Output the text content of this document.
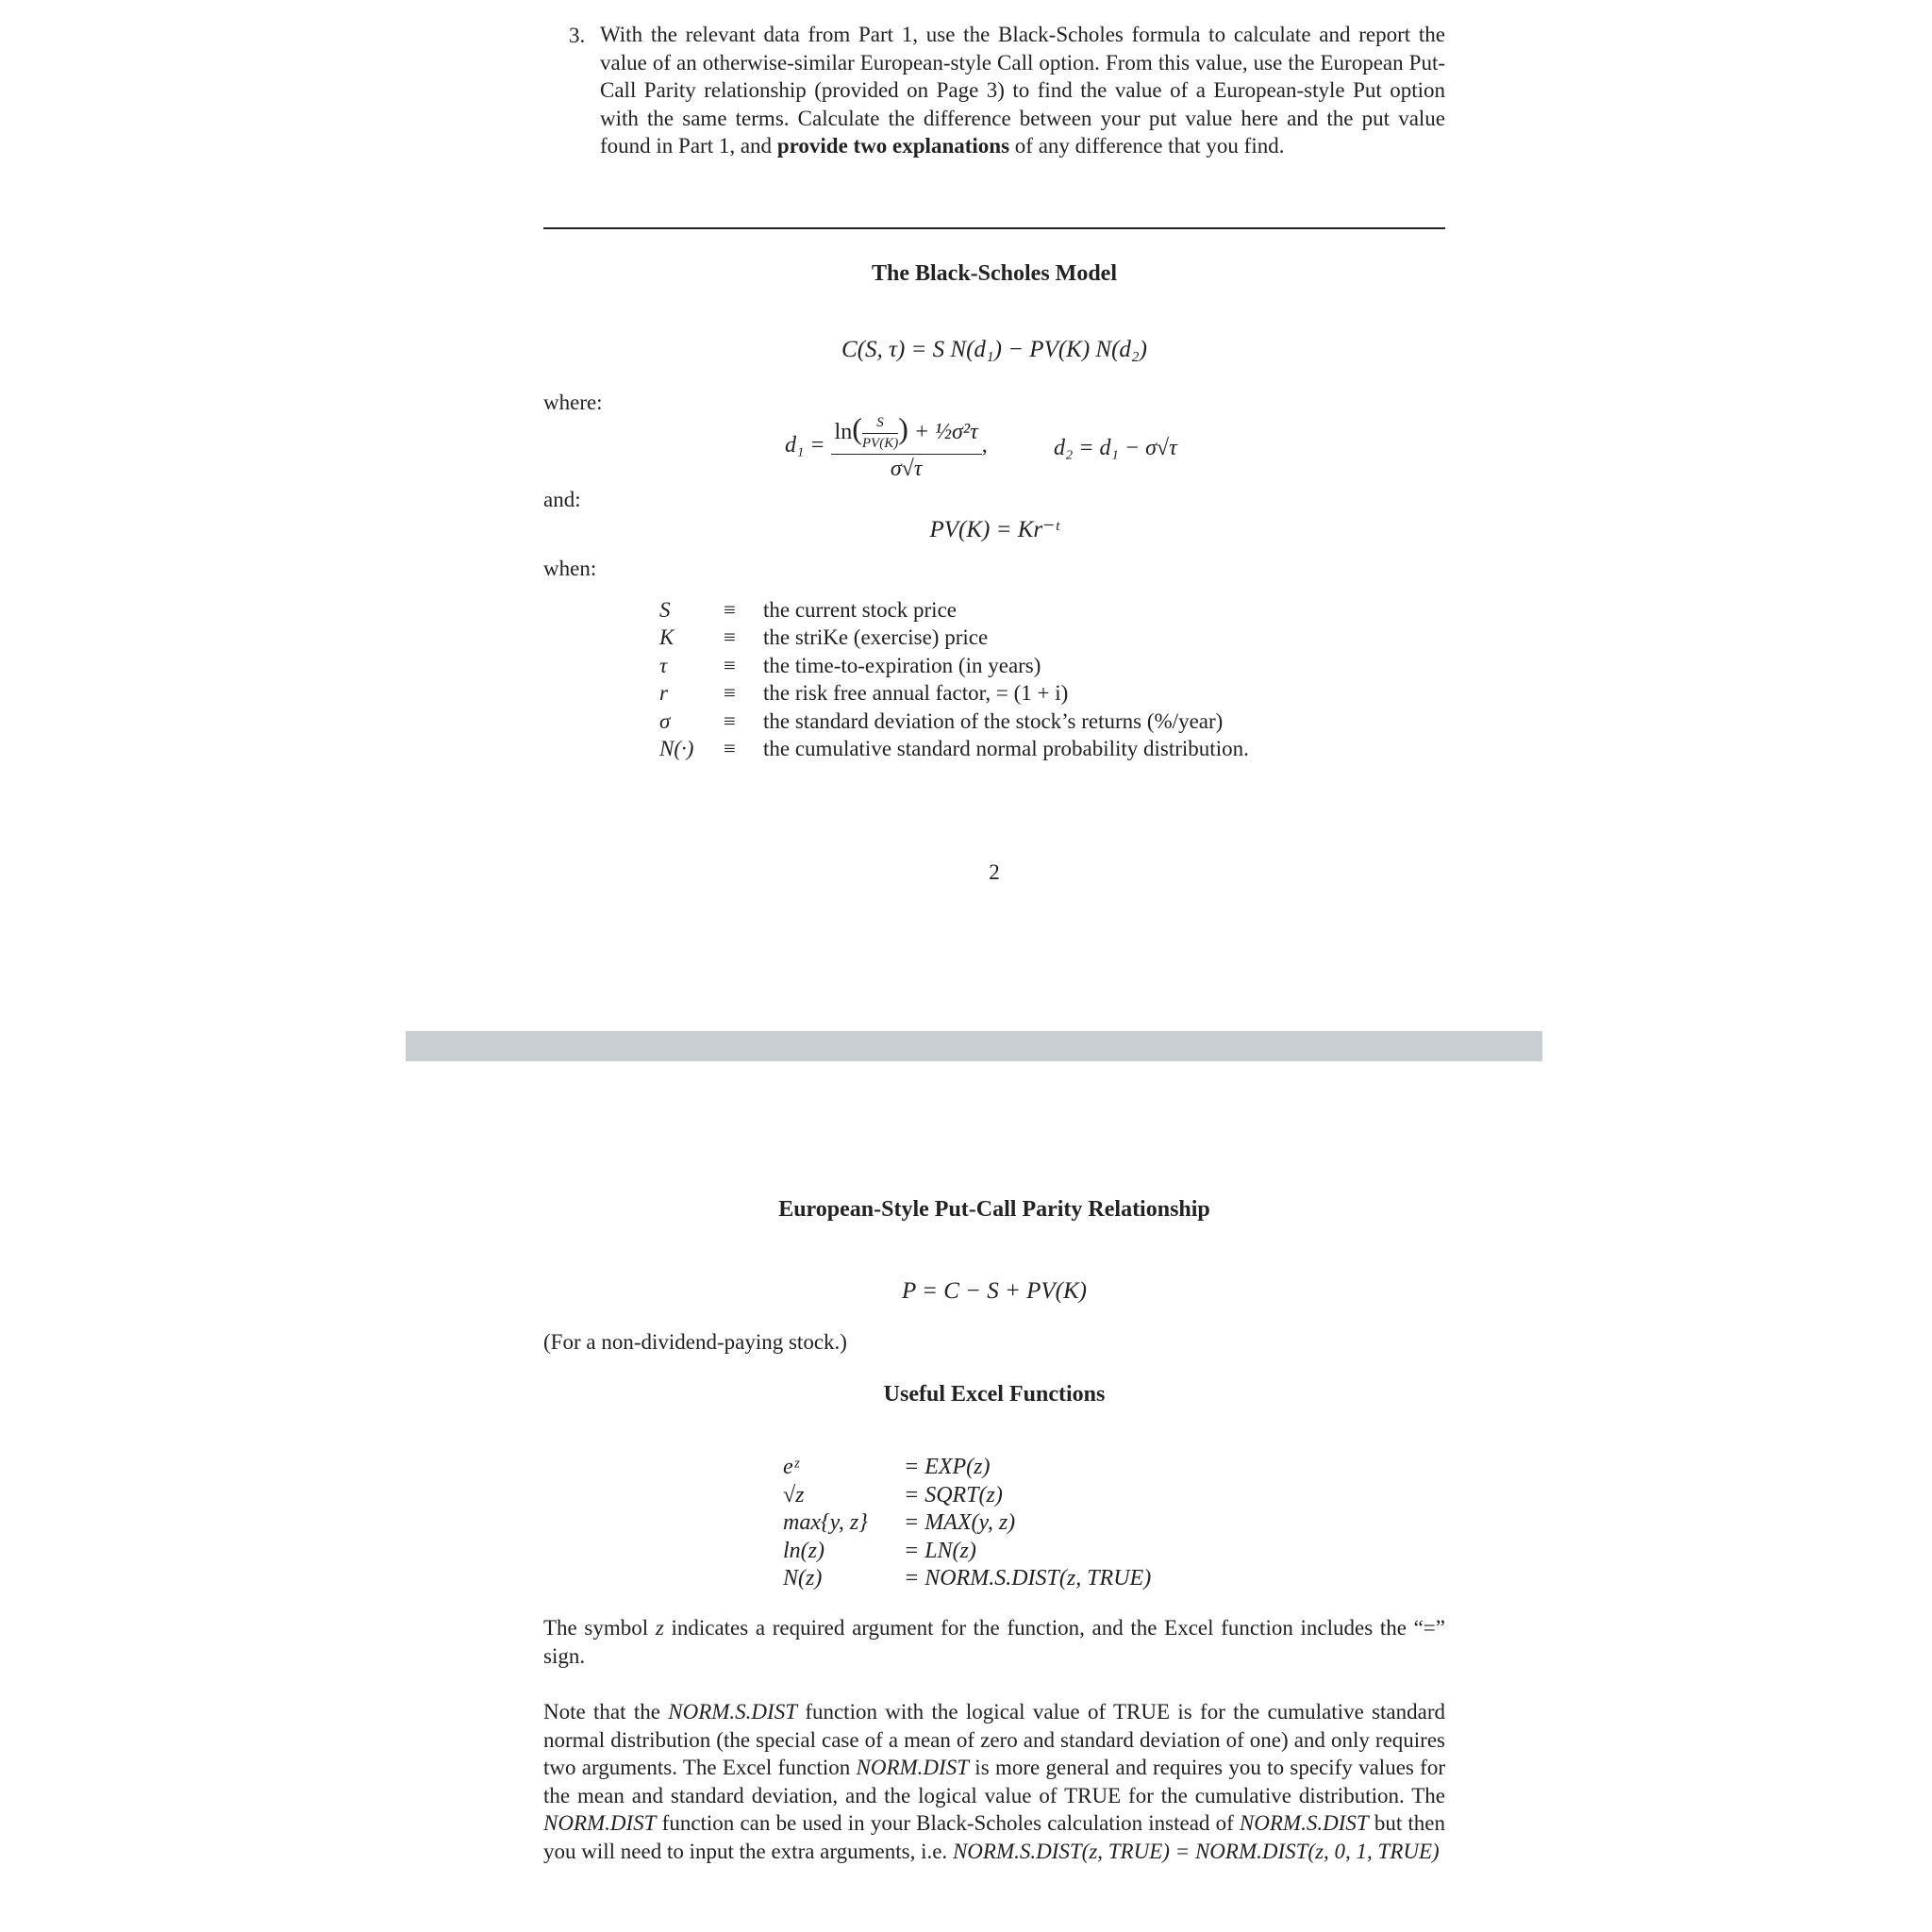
3. With the relevant data from Part 1, use the Black-Scholes formula to calculate and report the value of an otherwise-similar European-style Call option. From this value, use the European Put-Call Parity relationship (provided on Page 3) to find the value of a European-style Put option with the same terms. Calculate the difference between your put value here and the put value found in Part 1, and provide two explanations of any difference that you find.
The Black-Scholes Model
C(S, τ) = S N(d₁) − PV(K) N(d₂)
where:
$d_1 = \frac{\ln( \frac{S}{PV(K)} ) + \frac{1}{2}\sigma^2\tau}{\sigma√\tau}$ ,	d₂ = d₁ − σ√τ
and:
PV(K) = Kr⁻ᵗ
when:
S	≡	the current stock price
K	≡	the striKe (exercise) price
τ	≡	the time-to-expiration (in years)
r	≡	the risk free annual factor, = (1 + i)
σ	≡	the standard deviation of the stock’s returns (%/year)
N(·)	≡	the cumulative standard normal probability distribution.
2
European-Style Put-Call Parity Relationship
P = C − S + PV(K)
(For a non-dividend-paying stock.)
Useful Excel Functions
eᶻ	= EXP(z)
√z	= SQRT(z)
max{y, z}	= MAX(y, z)
ln(z)	= LN(z)
N(z)	= NORM.S.DIST(z, TRUE)
The symbol z indicates a required argument for the function, and the Excel function includes the “=” sign.
Note that the NORM.S.DIST function with the logical value of TRUE is for the cumulative standard normal distribution (the special case of a mean of zero and standard deviation of one) and only requires two arguments. The Excel function NORM.DIST is more general and requires you to specify values for the mean and standard deviation, and the logical value of TRUE for the cumulative distribution. The NORM.DIST function can be used in your Black-Scholes calculation instead of NORM.S.DIST but then you will need to input the extra arguments, i.e. NORM.S.DIST(z, TRUE) = NORM.DIST(z, 0, 1, TRUE)
